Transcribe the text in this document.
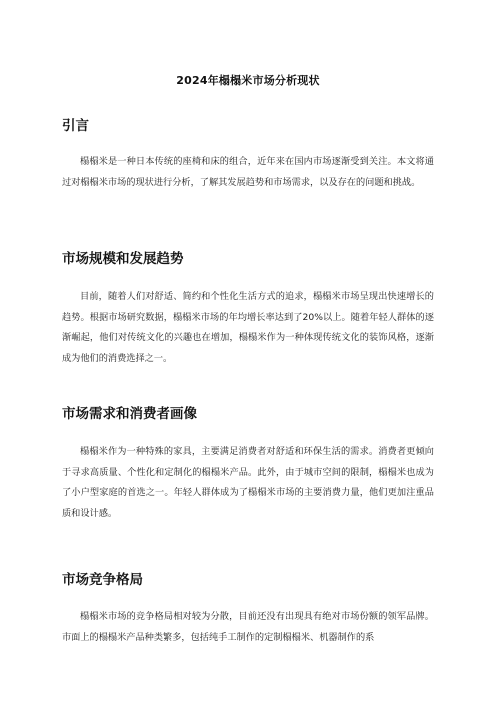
2024年榻榻米市场分析现状
引言

榻榻米是一种日本传统的座椅和床的组合，近年来在国内市场逐渐受到关注。本文将通过对榻榻米市场的现状进行分析，了解其发展趋势和市场需求，以及存在的问题和挑战。

市场规模和发展趋势

目前，随着人们对舒适、简约和个性化生活方式的追求，榻榻米市场呈现出快速增长的趋势。根据市场研究数据，榻榻米市场的年均增长率达到了20%以上。随着年轻人群体的逐渐崛起，他们对传统文化的兴趣也在增加，榻榻米作为一种体现传统文化的装饰风格，逐渐成为他们的消费选择之一。

市场需求和消费者画像

榻榻米作为一种特殊的家具，主要满足消费者对舒适和环保生活的需求。消费者更倾向于寻求高质量、个性化和定制化的榻榻米产品。此外，由于城市空间的限制，榻榻米也成为了小户型家庭的首选之一。年轻人群体成为了榻榻米市场的主要消费力量，他们更加注重品质和设计感。

市场竞争格局

榻榻米市场的竞争格局相对较为分散，目前还没有出现具有绝对市场份额的领军品牌。市面上的榻榻米产品种类繁多，包括纯手工制作的定制榻榻米、机器制作的系
